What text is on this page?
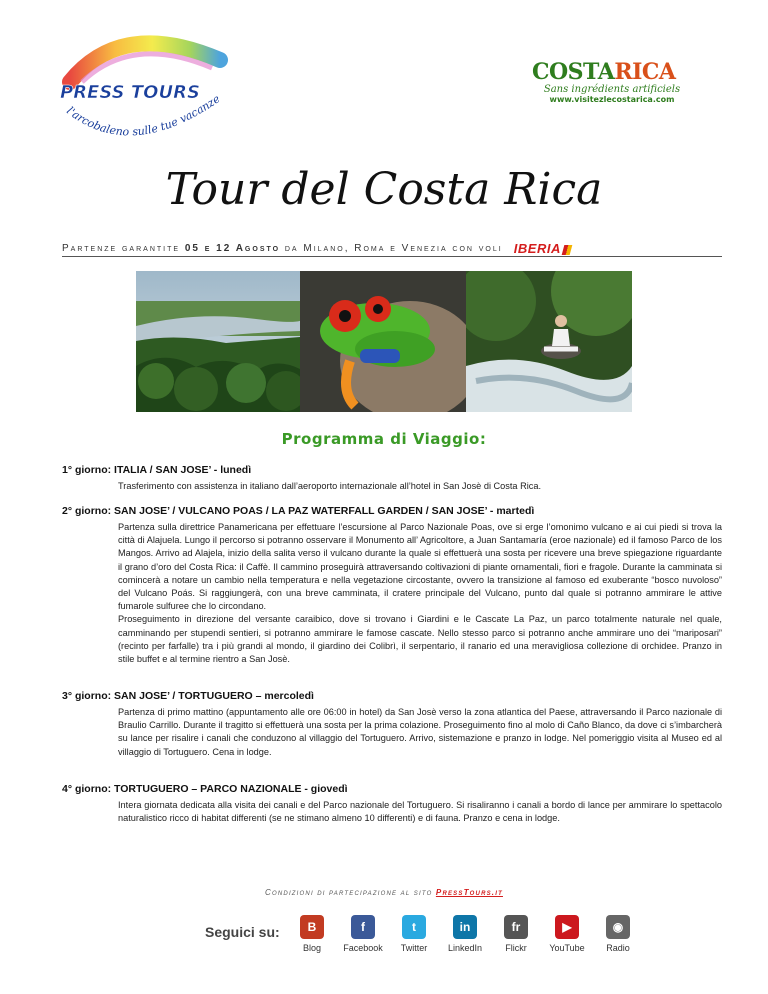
PRESS TOURS
l'arcobaleno sulle tue vacanze
COSTARICA
Sans ingrédients artificiels
www.visitezlecostarica.com
Tour del Costa Rica
Partenze garantite 05 e 12 Agosto da Milano, Roma e Venezia con voli IBERIA
Programma di Viaggio:
1° giorno: ITALIA / SAN JOSE’ - lunedì

Trasferimento con assistenza in italiano dall’aeroporto internazionale all’hotel in San Josè di Costa Rica.

2° giorno: SAN JOSE’ / VULCANO POAS / LA PAZ WATERFALL GARDEN / SAN JOSE’ - martedì

Partenza sulla direttrice Panamericana per effettuare l’escursione al Parco Nazionale Poas, ove si erge l’omonimo vulcano e ai cui piedi si trova la città di Alajuela. Lungo il percorso si potranno osservare il Monumento all’ Agricoltore, a Juan Santamaría (eroe nazionale) ed il famoso Parco de los Mangos. Arrivo ad Alajela, inizio della salita verso il vulcano durante la quale si effettuerà una sosta per ricevere una breve spiegazione riguardante il grano d’oro del Costa Rica: il Caffè. Il cammino proseguirà attraversando coltivazioni di piante ornamentali, fiori e fragole. Durante la camminata si comincerà a notare un cambio nella temperatura e nella vegetazione circostante, ovvero la transizione al famoso ed exuberante “bosco nuvoloso” del Vulcano Poás. Si raggiungerà, con una breve camminata, il cratere principale del Vulcano, punto dal quale si potranno ammirare le attive fumarole sulfuree che lo circondano.

Proseguimento in direzione del versante caraibico, dove si trovano i Giardini e le Cascate La Paz, un parco totalmente naturale nel quale, camminando per stupendi sentieri, si potranno ammirare le famose cascate. Nello stesso parco si potranno anche ammirare uno dei “mariposari” (recinto per farfalle) tra i più grandi al mondo, il giardino dei Colibrì, il serpentario, il ranario ed una meravigliosa collezione di orchidee. Pranzo in stile buffet e al termine rientro a San Josè.

3° giorno: SAN JOSE’ / TORTUGUERO – mercoledì

Partenza di primo mattino (appuntamento alle ore 06:00 in hotel) da San Josè verso la zona atlantica del Paese, attraversando il Parco nazionale di Braulio Carrillo. Durante il tragitto si effettuerà una sosta per la prima colazione. Proseguimento fino al molo di Caño Blanco, da dove ci s’imbarcherà su lance per risalire i canali che conduzono al villaggio del Tortuguero. Arrivo, sistemazione e pranzo in lodge. Nel pomeriggio visita al Museo ed al villaggio di Tortuguero. Cena in lodge.

4° giorno: TORTUGUERO – PARCO NAZIONALE - giovedì

Intera giornata dedicata alla visita dei canali e del Parco nazionale del Tortuguero. Si risaliranno i canali a bordo di lance per ammirare lo spettacolo naturalistico ricco di habitat differenti (se ne stimano almeno 10 differenti) e di fauna. Pranzo e cena in lodge.

Condizioni di partecipazione al sito PressTours.it
Seguici su:	B
Blog
f
Facebook
t
Twitter
in
LinkedIn
fr
Flickr
▶
YouTube
◉
Radio
